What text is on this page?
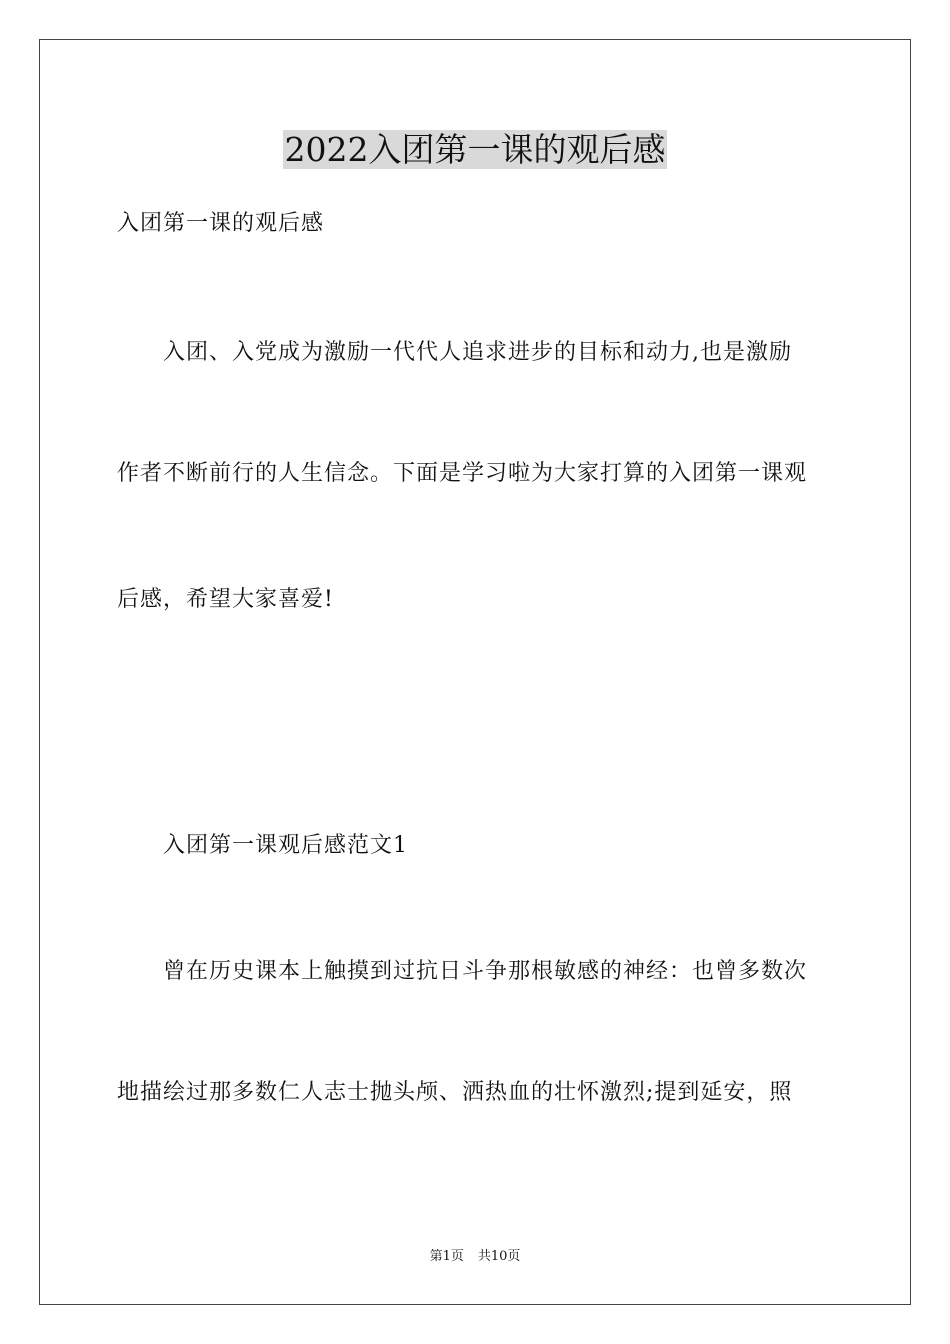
2022入团第一课的观后感
入团第一课的观后感
入团、入党成为激励一代代人追求进步的目标和动力,也是激励
作者不断前行的人生信念。下面是学习啦为大家打算的入团第一课观
后感，希望大家喜爱!
入团第一课观后感范文1
曾在历史课本上触摸到过抗日斗争那根敏感的神经：也曾多数次
地描绘过那多数仁人志士抛头颅、洒热血的壮怀激烈;提到延安，照
第1页 共10页
